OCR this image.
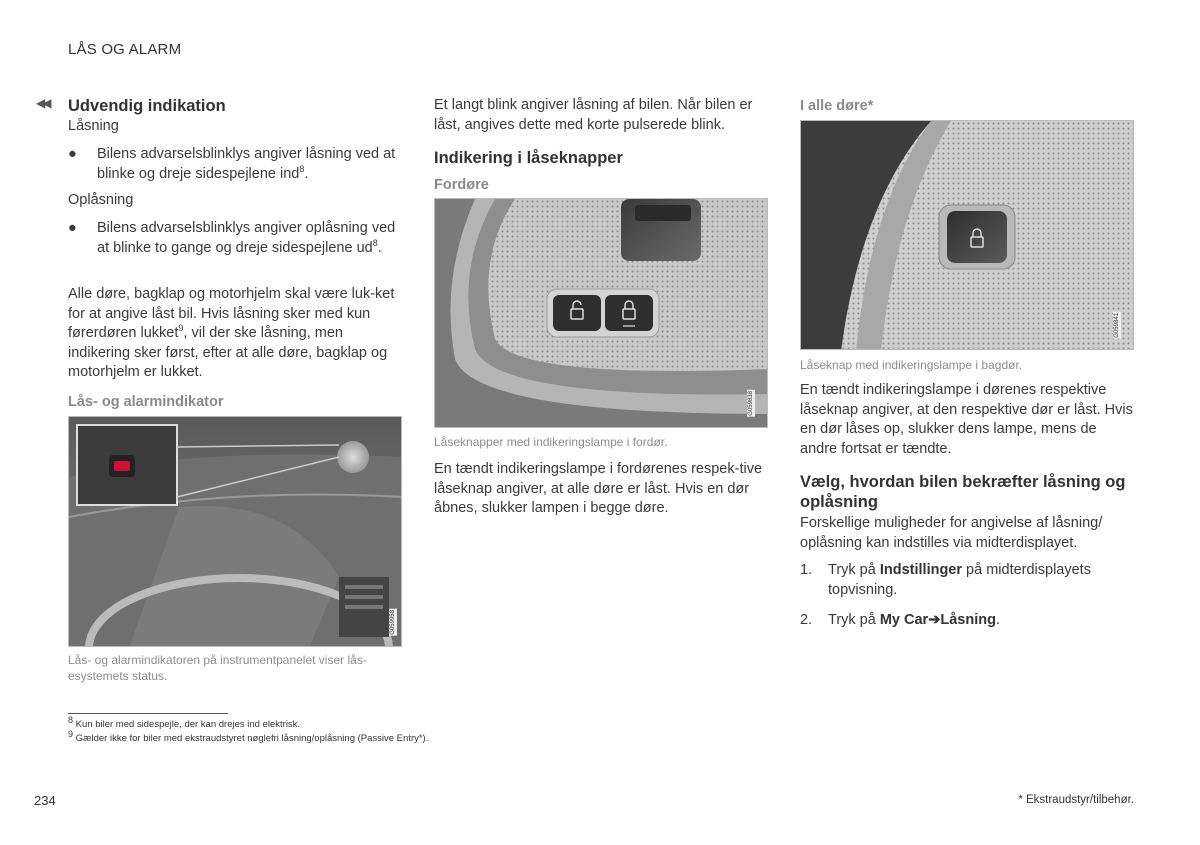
LÅS OG ALARM
◀◀ Udvendig indikation
Låsning
● Bilens advarselsblinklys angiver låsning ved at blinke og dreje sidespejlene ind$^8$.
Oplåsning
● Bilens advarselsblinklys angiver oplåsning ved at blinke to gange og dreje sidespejlene $ud^8$.
Alle døre, bagklap og motorhjelm skal være luk-ket for at angive låst bil. Hvis låsning sker med kun førerdøren lukket$^9$, vil der ske låsning, men indikering sker først, efter at alle døre, bagklap og motorhjelm er lukket.
Lås- og alarmindikator
G059958
Lås- og alarmindikatoren på instrumentpanelet viser lås-esystemets status.
Et langt blink angiver låsning af bilen. Når bilen er låst, angives dette med korte pulserede blink.
Indikering i låseknapper
Fordøre
G059838
Låseknapper med indikeringslampe i fordør.
En tændt indikeringslampe i fordørenes respek-tive låseknap angiver, at alle døre er låst. Hvis en dør åbnes, slukker lampen i begge døre.
I alle døre*
G059841
Låseknap med indikeringslampe i bagdør.
En tændt indikeringslampe i dørenes respektive låseknap angiver, at den respektive dør er låst. Hvis en dør låses op, slukker dens lampe, mens de andre fortsat er tændte.
Vælg, hvordan bilen bekræfter låsning og oplåsning
Forskellige muligheder for angivelse af låsning/ oplåsning kan indstilles via midterdisplayet.
1. Tryk på Indstillinger på midterdisplayets topvisning.
2. Tryk på My Car➔Låsning.
$^8$ Kun biler med sidespejle, der kan drejes ind elektrisk.
$^9$ Gælder ikke for biler med ekstraudstyret nøglefri låsning/oplåsning (Passive Entry*).
234	* Ekstraudstyr/tilbehør.
